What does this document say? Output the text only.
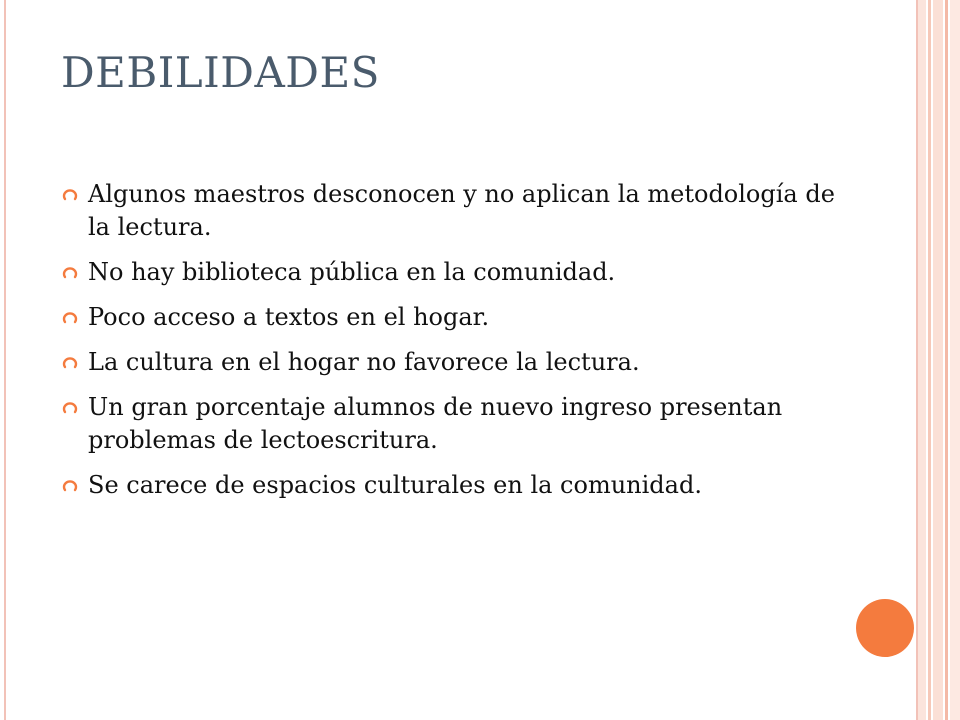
DEBILIDADES
Algunos maestros desconocen y no aplican la metodología de la lectura.
No hay biblioteca pública en la comunidad.
Poco acceso a textos en el hogar.
La cultura en el hogar no favorece la lectura.
Un gran porcentaje alumnos de nuevo ingreso presentan problemas de lectoescritura.
Se carece de espacios culturales en la comunidad.
